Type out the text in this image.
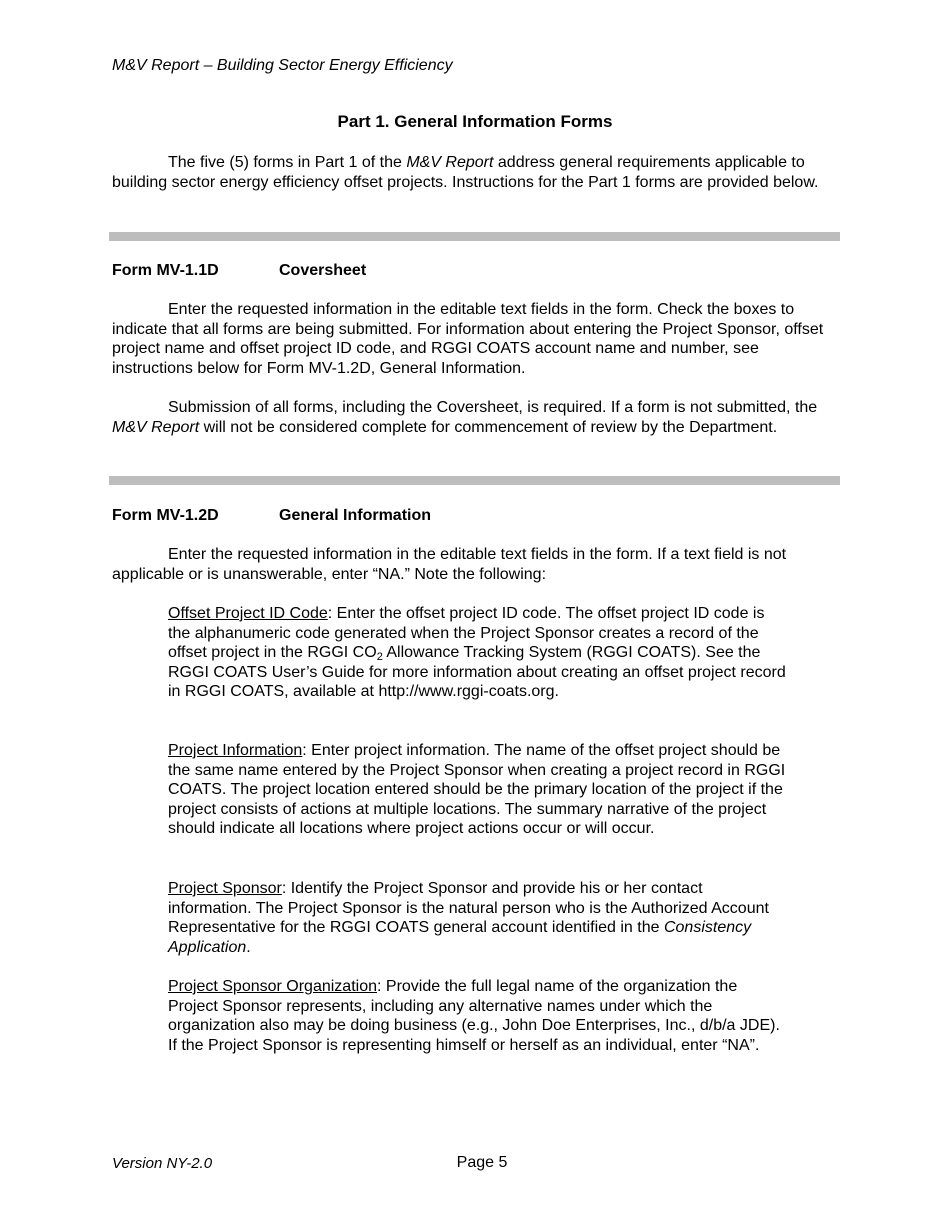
M&V Report – Building Sector Energy Efficiency
Part 1. General Information Forms
The five (5) forms in Part 1 of the M&V Report address general requirements applicable to building sector energy efficiency offset projects. Instructions for the Part 1 forms are provided below.
Form MV-1.1D	Coversheet
Enter the requested information in the editable text fields in the form. Check the boxes to indicate that all forms are being submitted. For information about entering the Project Sponsor, offset project name and offset project ID code, and RGGI COATS account name and number, see instructions below for Form MV-1.2D, General Information.
Submission of all forms, including the Coversheet, is required. If a form is not submitted, the M&V Report will not be considered complete for commencement of review by the Department.
Form MV-1.2D	General Information
Enter the requested information in the editable text fields in the form. If a text field is not applicable or is unanswerable, enter “NA.” Note the following:
Offset Project ID Code: Enter the offset project ID code. The offset project ID code is the alphanumeric code generated when the Project Sponsor creates a record of the offset project in the RGGI $CO_2$ Allowance Tracking System (RGGI COATS). See the RGGI COATS User’s Guide for more information about creating an offset project record in RGGI COATS, available at http://www.rggi-coats.org.
Project Information: Enter project information. The name of the offset project should be the same name entered by the Project Sponsor when creating a project record in RGGI COATS. The project location entered should be the primary location of the project if the project consists of actions at multiple locations. The summary narrative of the project should indicate all locations where project actions occur or will occur.
Project Sponsor: Identify the Project Sponsor and provide his or her contact information. The Project Sponsor is the natural person who is the Authorized Account Representative for the RGGI COATS general account identified in the Consistency Application.
Project Sponsor Organization: Provide the full legal name of the organization the Project Sponsor represents, including any alternative names under which the organization also may be doing business (e.g., John Doe Enterprises, Inc., d/b/a JDE). If the Project Sponsor is representing himself or herself as an individual, enter “NA”.
Version NY-2.0	Page 5
